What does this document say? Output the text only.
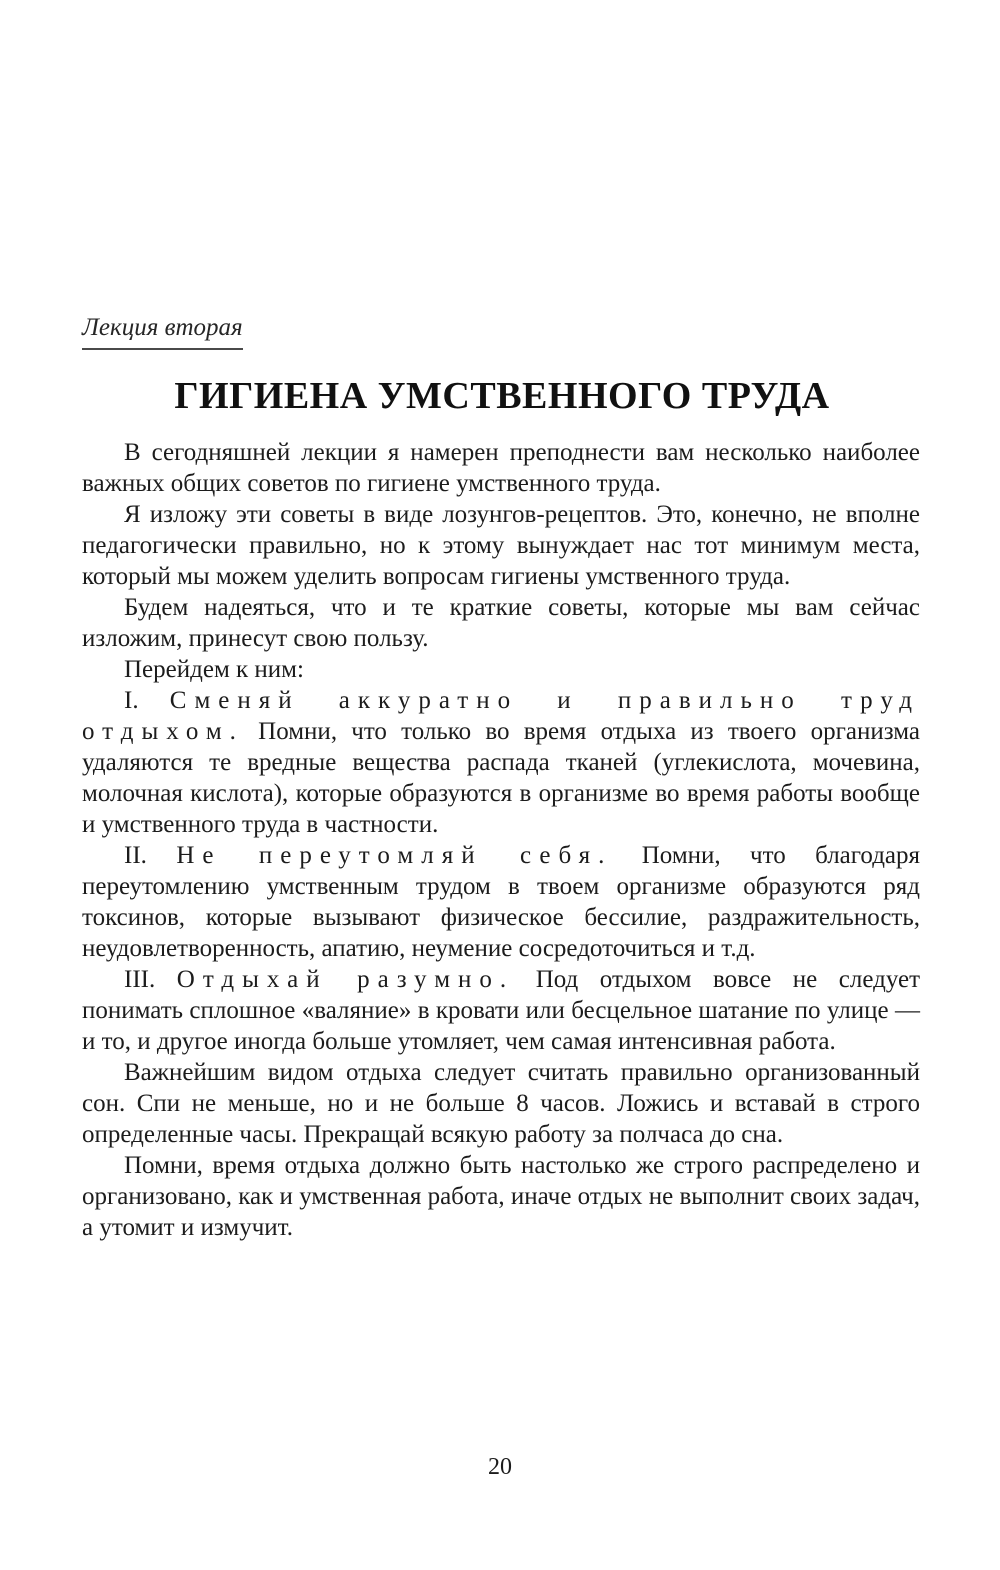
Лекция вторая
ГИГИЕНА УМСТВЕННОГО ТРУДА

В сегодняшней лекции я намерен преподнести вам несколько наиболее важных общих советов по гигиене умственного труда.

Я изложу эти советы в виде лозунгов-рецептов. Это, конечно, не вполне педагогически правильно, но к этому вынуждает нас тот минимум места, который мы можем уделить вопросам гигиены умственного труда.

Будем надеяться, что и те краткие советы, которые мы вам сейчас изложим, принесут свою пользу.

Перейдем к ним:

I. Сменяй аккуратно и правильно труд отдыхом. Помни, что только во время отдыха из твоего организма удаляются те вредные вещества распада тканей (углекислота, мочевина, молочная кислота), которые образуются в организме во время работы вообще и умственного труда в частности.

II. Не переутомляй себя. Помни, что благодаря переутомлению умственным трудом в твоем организме образуются ряд токсинов, которые вызывают физическое бессилие, раздражительность, неудовлетворенность, апатию, неумение сосредоточиться и т.д.

III. Отдыхай разумно. Под отдыхом вовсе не следует понимать сплошное «валяние» в кровати или бесцельное шатание по улице — и то, и другое иногда больше утомляет, чем самая интенсивная работа.

Важнейшим видом отдыха следует считать правильно организованный сон. Спи не меньше, но и не больше 8 часов. Ложись и вставай в строго определенные часы. Прекращай всякую работу за полчаса до сна.

Помни, время отдыха должно быть настолько же строго распределено и организовано, как и умственная работа, иначе отдых не выполнит своих задач, а утомит и измучит.

20
